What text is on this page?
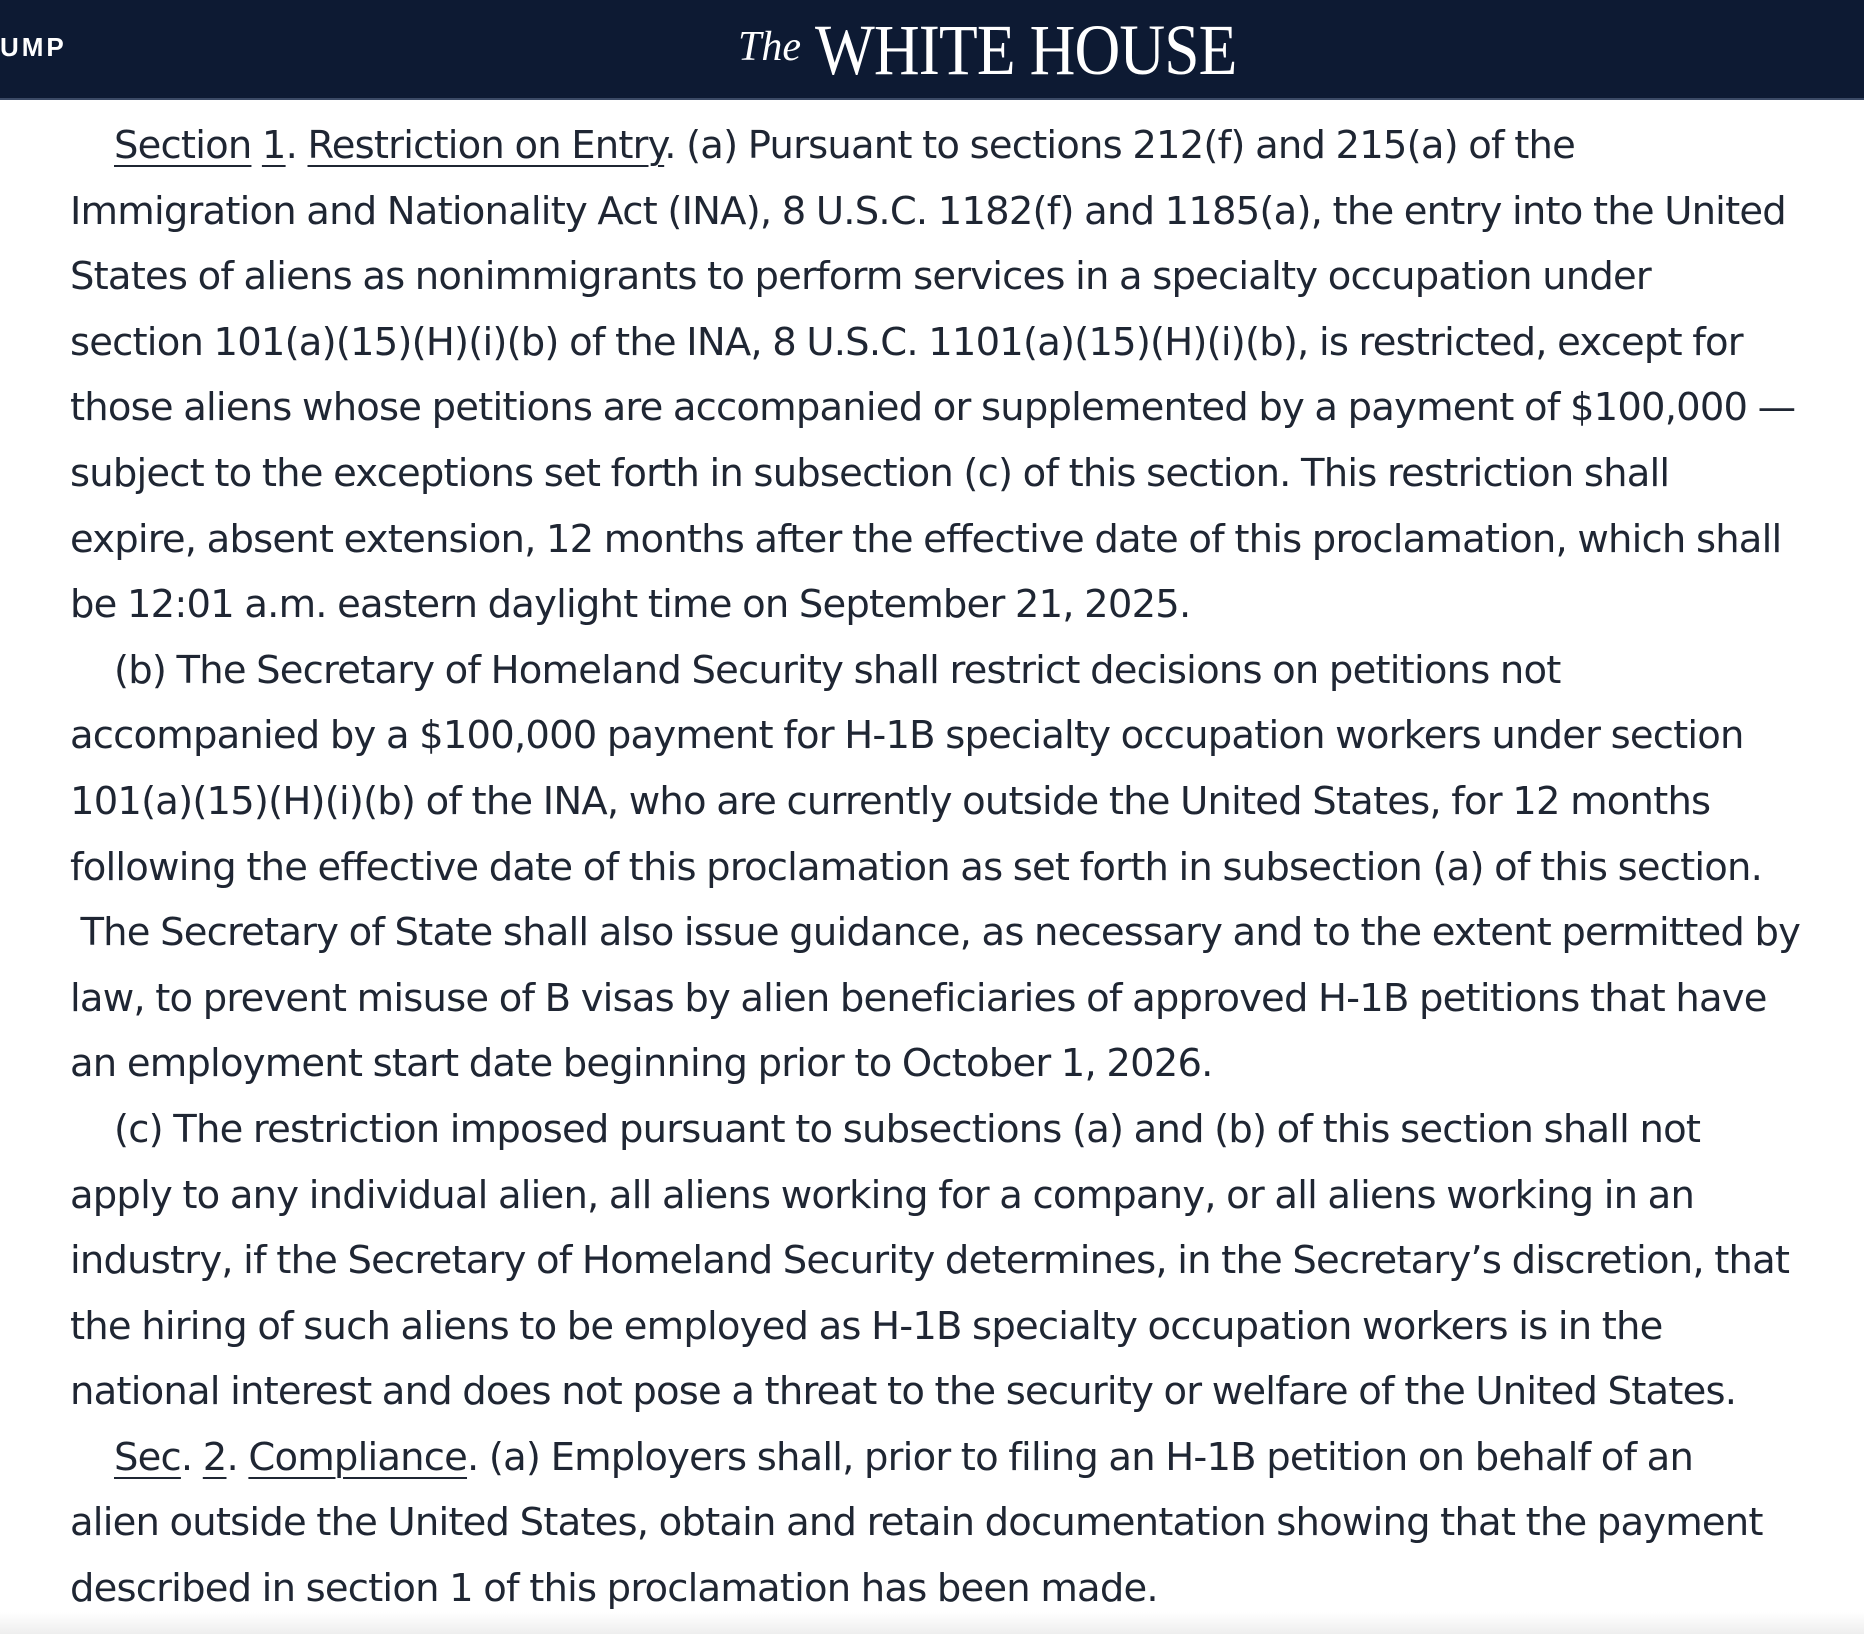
UMP	The WHITE HOUSE
Section 1. Restriction on Entry. (a) Pursuant to sections 212(f) and 215(a) of the
Immigration and Nationality Act (INA), 8 U.S.C. 1182(f) and 1185(a), the entry into the United
States of aliens as nonimmigrants to perform services in a specialty occupation under
section 101(a)(15)(H)(i)(b) of the INA, 8 U.S.C. 1101(a)(15)(H)(i)(b), is restricted, except for
those aliens whose petitions are accompanied or supplemented by a payment of $100,000 —
subject to the exceptions set forth in subsection (c) of this section. This restriction shall
expire, absent extension, 12 months after the effective date of this proclamation, which shall
be 12:01 a.m. eastern daylight time on September 21, 2025.
(b) The Secretary of Homeland Security shall restrict decisions on petitions not
accompanied by a $100,000 payment for H-1B specialty occupation workers under section
101(a)(15)(H)(i)(b) of the INA, who are currently outside the United States, for 12 months
following the effective date of this proclamation as set forth in subsection (a) of this section.
The Secretary of State shall also issue guidance, as necessary and to the extent permitted by
law, to prevent misuse of B visas by alien beneficiaries of approved H-1B petitions that have
an employment start date beginning prior to October 1, 2026.
(c) The restriction imposed pursuant to subsections (a) and (b) of this section shall not
apply to any individual alien, all aliens working for a company, or all aliens working in an
industry, if the Secretary of Homeland Security determines, in the Secretary’s discretion, that
the hiring of such aliens to be employed as H-1B specialty occupation workers is in the
national interest and does not pose a threat to the security or welfare of the United States.
Sec. 2. Compliance. (a) Employers shall, prior to filing an H-1B petition on behalf of an
alien outside the United States, obtain and retain documentation showing that the payment
described in section 1 of this proclamation has been made.
